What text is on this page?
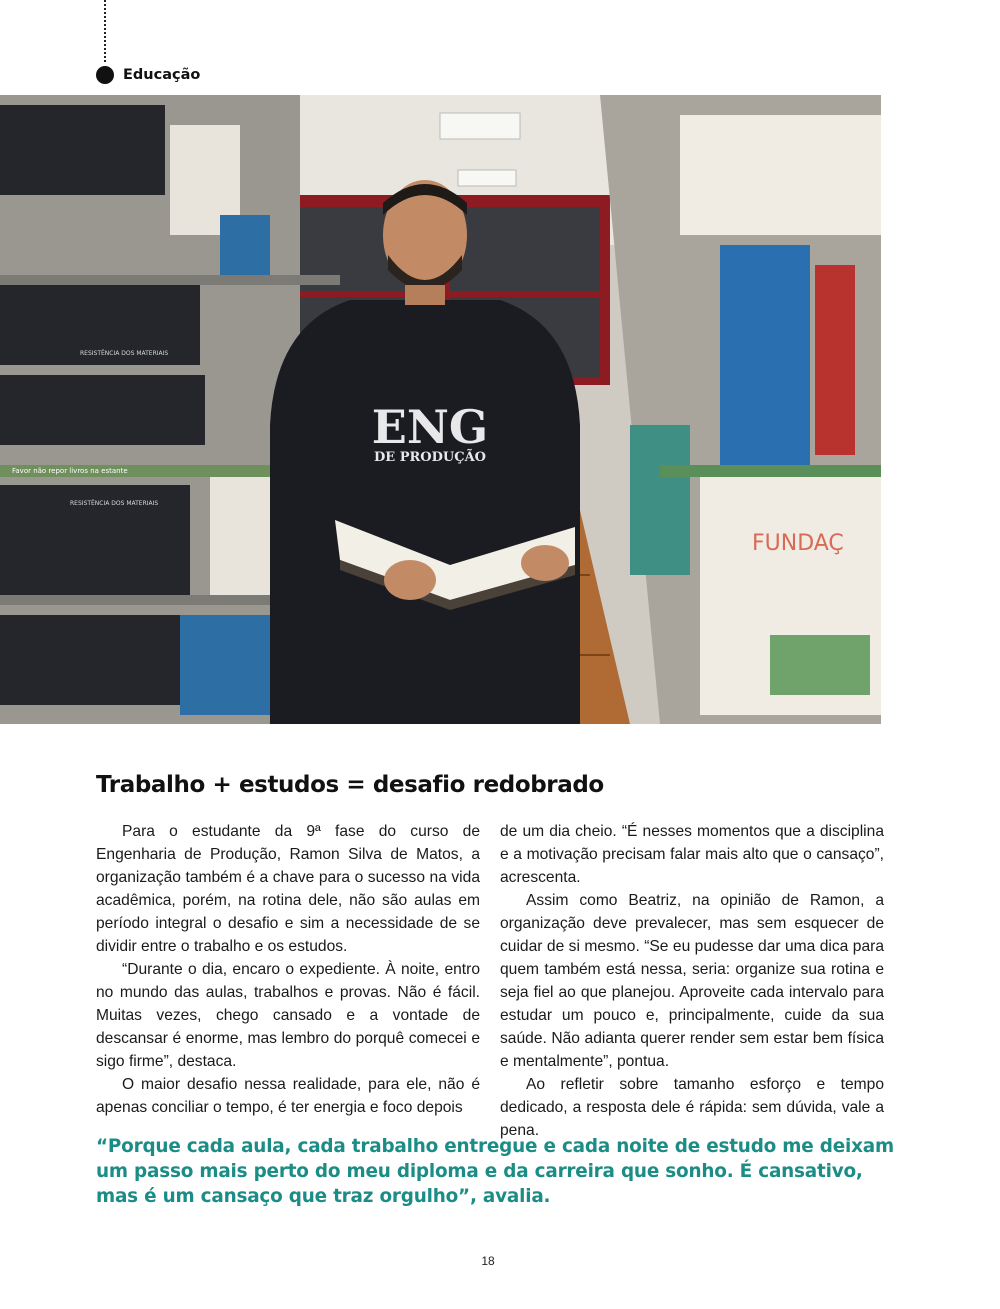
Educação
Favor não repor livros na estante
RESISTÊNCIA DOS MATERIAIS
RESISTÊNCIA DOS MATERIAIS
FUNDAÇ
ENG
DE PRODUÇÃO
Trabalho + estudos = desafio redobrado

Para o estudante da 9ª fase do curso de Engenharia de Produção, Ramon Silva de Matos, a organização também é a chave para o sucesso na vida acadêmica, porém, na rotina dele, não são aulas em período integral o desafio e sim a necessidade de se dividir entre o trabalho e os estudos.

“Durante o dia, encaro o expediente. À noite, entro no mundo das aulas, trabalhos e provas. Não é fácil. Muitas vezes, chego cansado e a vontade de descansar é enorme, mas lembro do porquê comecei e sigo firme”, destaca.

O maior desafio nessa realidade, para ele, não é apenas conciliar o tempo, é ter energia e foco depois

de um dia cheio. “É nesses momentos que a disciplina e a motivação precisam falar mais alto que o cansaço”, acrescenta.

Assim como Beatriz, na opinião de Ramon, a organização deve prevalecer, mas sem esquecer de cuidar de si mesmo. “Se eu pudesse dar uma dica para quem também está nessa, seria: organize sua rotina e seja fiel ao que planejou. Aproveite cada intervalo para estudar um pouco e, principalmente, cuide da sua saúde. Não adianta querer render sem estar bem física e mentalmente”, pontua.

Ao refletir sobre tamanho esforço e tempo dedicado, a resposta dele é rápida: sem dúvida, vale a pena.

“Porque cada aula, cada trabalho entregue e cada noite de estudo me deixam um passo mais perto do meu diploma e da carreira que sonho. É cansativo, mas é um cansaço que traz orgulho”, avalia.

18
